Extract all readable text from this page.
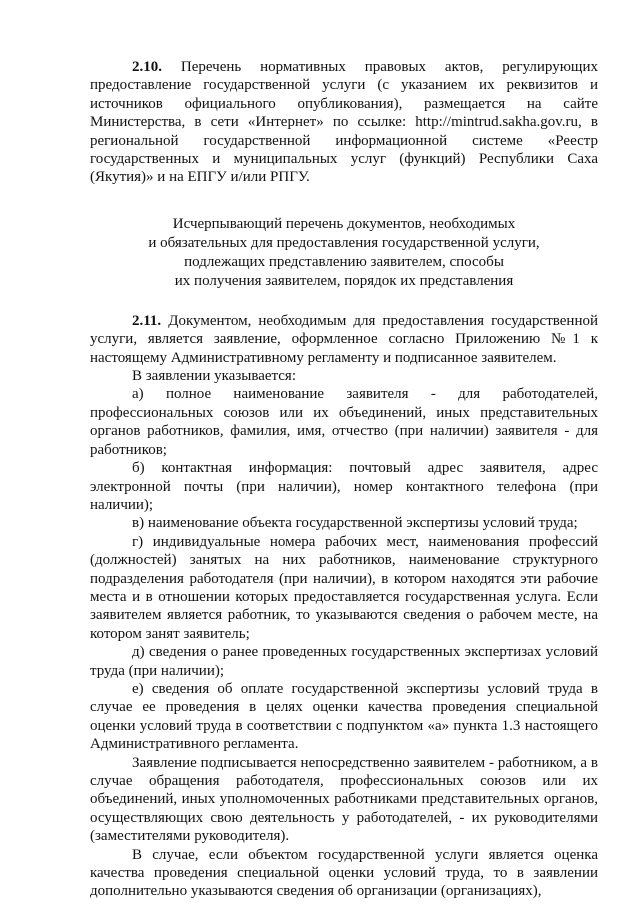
2.10. Перечень нормативных правовых актов, регулирующих предоставление государственной услуги (с указанием их реквизитов и источников официального опубликования), размещается на сайте Министерства, в сети «Интернет» по ссылке: http://mintrud.sakha.gov.ru, в региональной государственной информационной системе «Реестр государственных и муниципальных услуг (функций) Республики Саха (Якутия)» и на ЕПГУ и/или РПГУ.

Исчерпывающий перечень документов, необходимых
и обязательных для предоставления государственной услуги,
подлежащих представлению заявителем, способы
их получения заявителем, порядок их представления

2.11. Документом, необходимым для предоставления государственной услуги, является заявление, оформленное согласно Приложению №1 к настоящему Административному регламенту и подписанное заявителем.

В заявлении указывается:

а) полное наименование заявителя - для работодателей, профессиональных союзов или их объединений, иных представительных органов работников, фамилия, имя, отчество (при наличии) заявителя - для работников;

б) контактная информация: почтовый адрес заявителя, адрес электронной почты (при наличии), номер контактного телефона (при наличии);

в) наименование объекта государственной экспертизы условий труда;

г) индивидуальные номера рабочих мест, наименования профессий (должностей) занятых на них работников, наименование структурного подразделения работодателя (при наличии), в котором находятся эти рабочие места и в отношении которых предоставляется государственная услуга. Если заявителем является работник, то указываются сведения о рабочем месте, на котором занят заявитель;

д) сведения о ранее проведенных государственных экспертизах условий труда (при наличии);

е) сведения об оплате государственной экспертизы условий труда в случае ее проведения в целях оценки качества проведения специальной оценки условий труда в соответствии с подпунктом «а» пункта 1.3 настоящего Административного регламента.

Заявление подписывается непосредственно заявителем - работником, а в случае обращения работодателя, профессиональных союзов или их объединений, иных уполномоченных работниками представительных органов, осуществляющих свою деятельность у работодателей, - их руководителями (заместителями руководителя).

В случае, если объектом государственной услуги является оценка качества проведения специальной оценки условий труда, то в заявлении дополнительно указываются сведения об организации (организациях),
